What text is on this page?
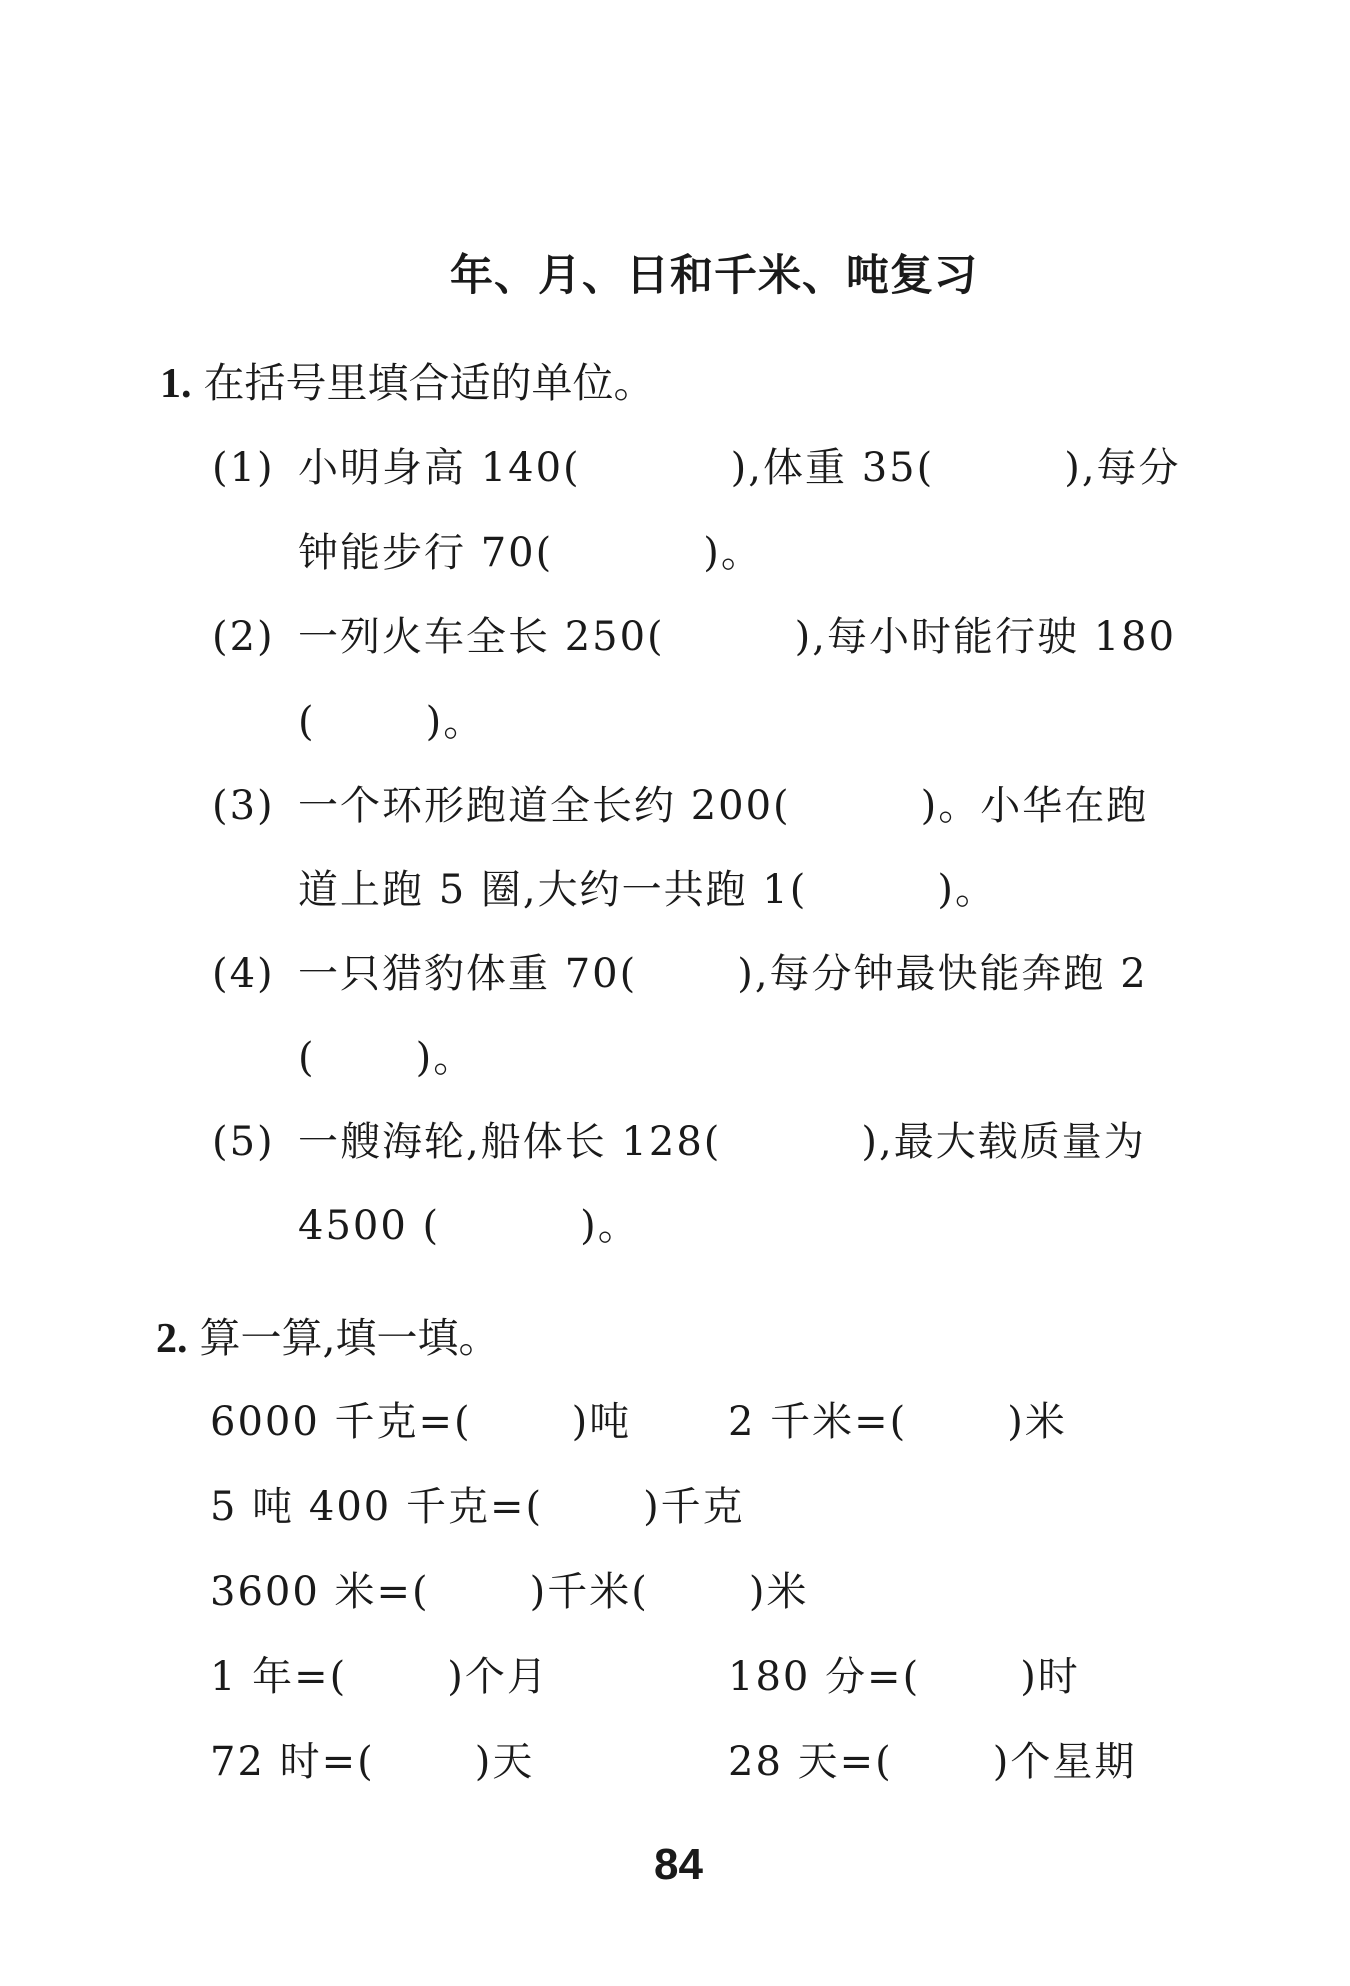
年、月、日和千米、吨复习
1. 在括号里填合适的单位。
(1) 小明身高 140(	),体重 35(	),每分
钟能步行 70(	)。
(2) 一列火车全长 250(	),每小时能行驶 180
(	)。
(3) 一个环形跑道全长约 200(	)。小华在跑
道上跑 5 圈,大约一共跑 1(	)。
(4) 一只猎豹体重 70(	),每分钟最快能奔跑 2
(	)。
(5) 一艘海轮,船体长 128(	),最大载质量为
4500 (	)。
2. 算一算,填一填。
6000 千克=(	)吨 2 千米=(	)米
5 吨 400 千克=(	)千克
3600 米=(	)千米(	)米
1 年=(	)个月	180 分=(	)时
72 时=(	)天	28 天=(	)个星期
84
